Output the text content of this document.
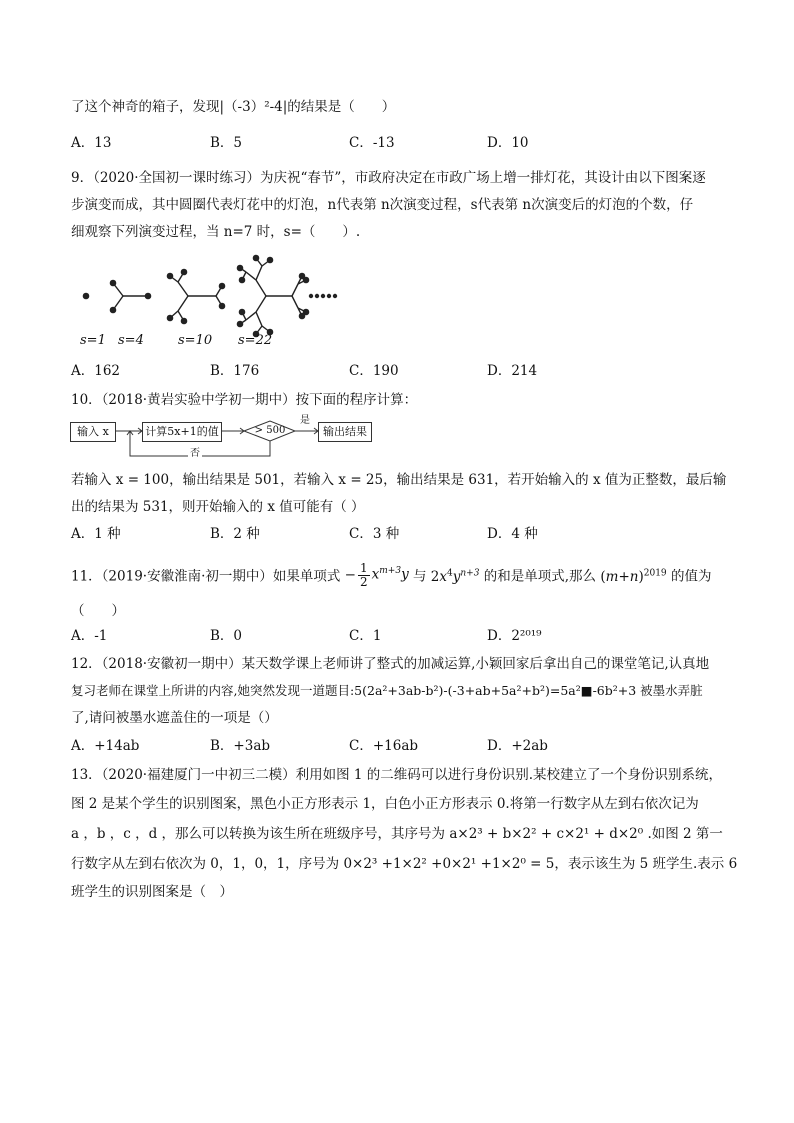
了这个神奇的箱子，发现|（-3）²-4|的结果是（　　）
A．13	B．5	C．-13	D．10
9．（2020·全国初一课时练习）为庆祝“春节”，市政府决定在市政广场上增一排灯花，其设计由以下图案逐
步演变而成，其中圆圈代表灯花中的灯泡，n代表第 n次演变过程，s代表第 n次演变后的灯泡的个数，仔
细观察下列演变过程，当 n=7 时，s=（　　）.
s=1 s=4	s=10 s=22
A．162	B．176	C．190	D．214
10．（2018·黄岩实验中学初一期中）按下面的程序计算：
输入 x	计算5x+1的值	> 500
是
否
输出结果
若输入 x = 100，输出结果是 501，若输入 x = 25，输出结果是 631，若开始输入的 x 值为正整数，最后输
出的结果为 531，则开始输入的 x 值可能有（ ）
A．1 种	B．2 种	C．3 种	D．4 种
11．（2019·安徽淮南·初一期中）如果单项式 − $\frac{1}{2} x^{m+3}y$ 与 $2x^4y^{n+3}$ 的和是单项式,那么 $(m+n)^{2019}$ 的值为
（　　）
A．-1	B．0	C．1	D．2²⁰¹⁹
12．（2018·安徽初一期中）某天数学课上老师讲了整式的加减运算,小颖回家后拿出自己的课堂笔记,认真地
复习老师在课堂上所讲的内容,她突然发现一道题目:5(2a²+3ab-b²)-(-3+ab+5a²+b²)=5a²■-6b²+3 被墨水弄脏
了,请问被墨水遮盖住的一项是（）
A．+14ab	B．+3ab	C．+16ab	D．+2ab
13．（2020·福建厦门一中初三二模）利用如图 1 的二维码可以进行身份识别.某校建立了一个身份识别系统，
图 2 是某个学生的识别图案，黑色小正方形表示 1，白色小正方形表示 0.将第一行数字从左到右依次记为
a ，b ，c ，d ，那么可以转换为该生所在班级序号，其序号为 a×2³ + b×2² + c×2¹ + d×2⁰ .如图 2 第一
行数字从左到右依次为 0，1，0，1，序号为 0×2³ +1×2² +0×2¹ +1×2⁰ = 5，表示该生为 5 班学生.表示 6
班学生的识别图案是（　）
